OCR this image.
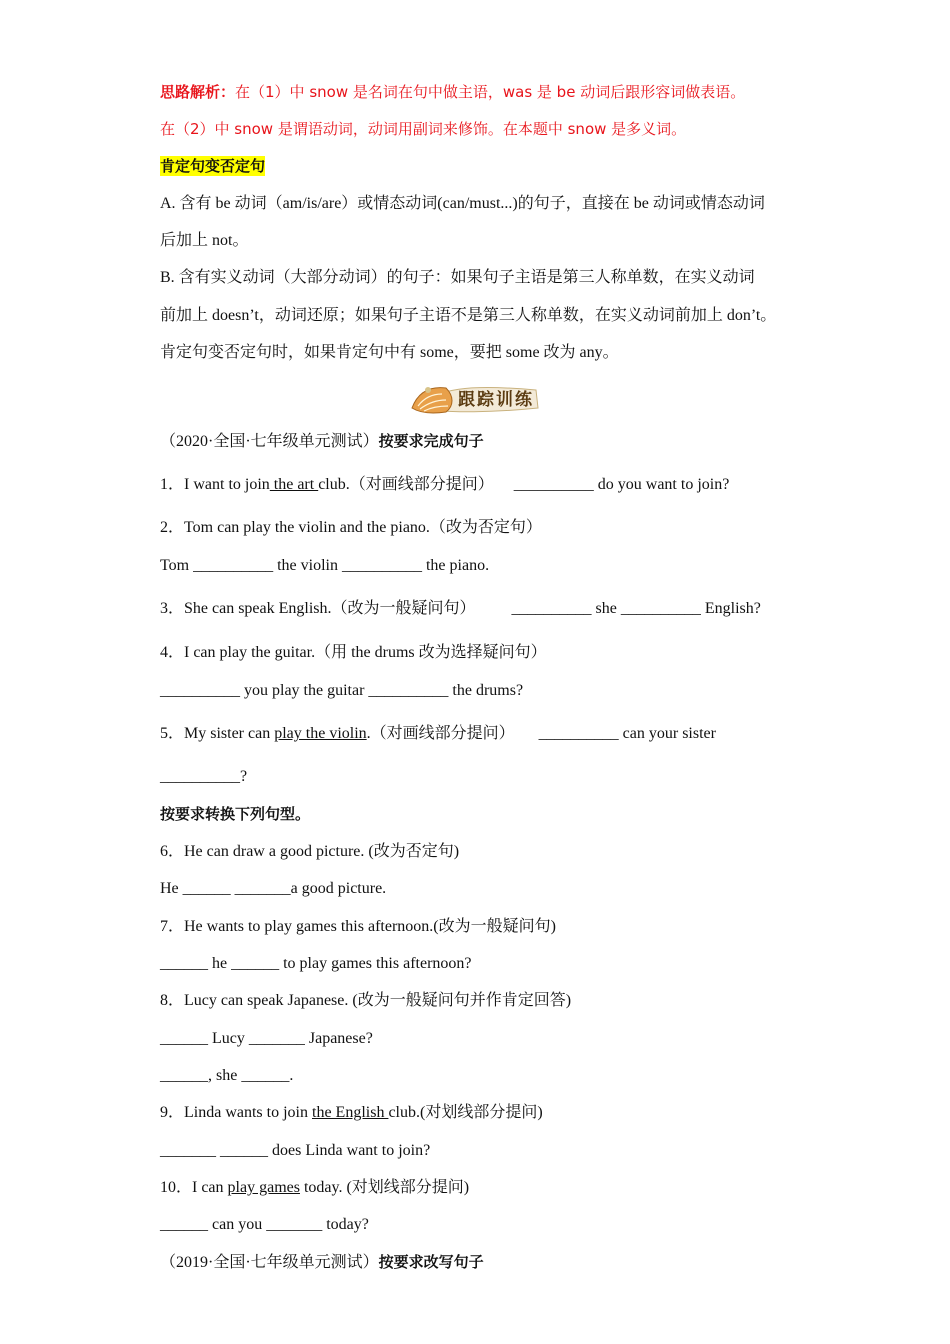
思路解析：在（1）中 snow 是名词在句中做主语，was 是 be 动词后跟形容词做表语。
在（2）中 snow 是谓语动词，动词用副词来修饰。在本题中 snow 是多义词。
肯定句变否定句
A. 含有 be 动词（am/is/are）或情态动词(can/must...)的句子，直接在 be 动词或情态动词
后加上 not。
B. 含有实义动词（大部分动词）的句子：如果句子主语是第三人称单数，在实义动词
前加上 doesn’t，动词还原；如果句子主语不是第三人称单数，在实义动词前加上 don’t。
肯定句变否定句时，如果肯定句中有 some，要把 some 改为 any。
跟踪训练
（2020·全国·七年级单元测试）按要求完成句子
1．I want to join the art club.（对画线部分提问） __________ do you want to join?
2．Tom can play the violin and the piano.（改为否定句）
Tom __________ the violin __________ the piano.
3．She can speak English.（改为一般疑问句） __________ she __________ English?
4．I can play the guitar.（用 the drums 改为选择疑问句）
__________ you play the guitar __________ the drums?
5．My sister can play the violin.（对画线部分提问） __________ can your sister
__________?
按要求转换下列句型。
6．He can draw a good picture. (改为否定句)
He ______ _______a good picture.
7．He wants to play games this afternoon.(改为一般疑问句)
______ he ______ to play games this afternoon?
8．Lucy can speak Japanese. (改为一般疑问句并作肯定回答)
______ Lucy _______ Japanese?
______, she ______.
9．Linda wants to join the English club.(对划线部分提问)
_______ ______ does Linda want to join?
10．I can play games today. (对划线部分提问)
______ can you _______ today?
（2019·全国·七年级单元测试）按要求改写句子
